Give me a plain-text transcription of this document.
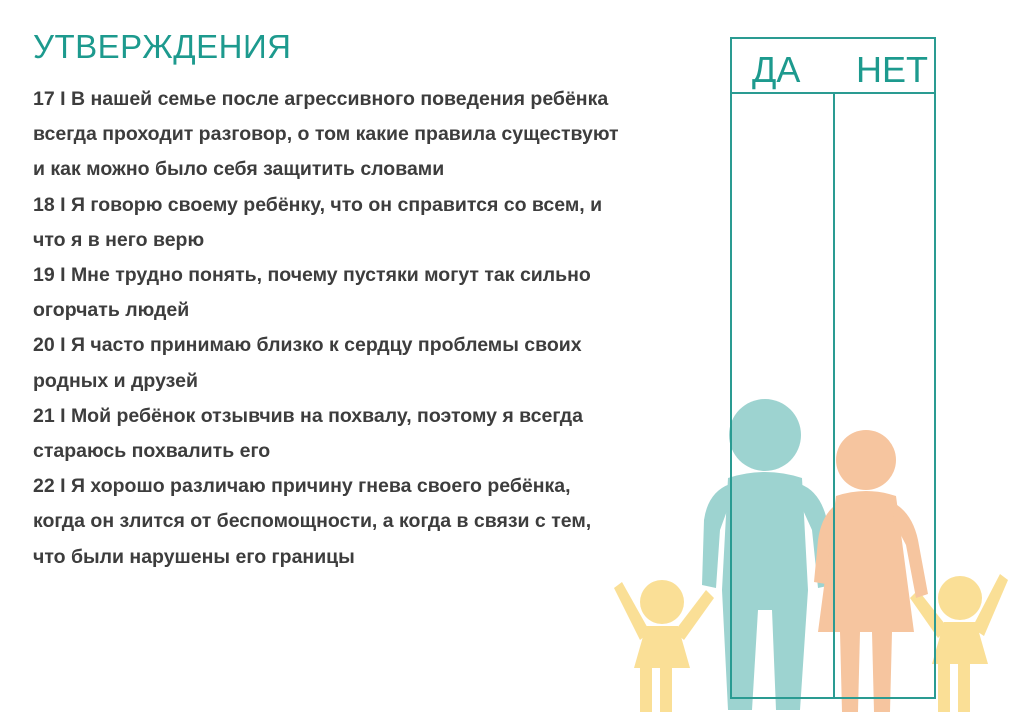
УТВЕРЖДЕНИЯ

17 I В нашей семье после агрессивного поведения ребёнка всегда проходит разговор, о том какие правила существуют и как можно было себя защитить словами

18 I Я говорю своему ребёнку, что он справится со всем, и что я в него верю

19 I Мне трудно понять, почему пустяки могут так сильно огорчать людей

20 I Я часто принимаю близко к сердцу проблемы своих родных и друзей

21 I Мой ребёнок отзывчив на похвалу, поэтому я всегда стараюсь похвалить его

22 I Я хорошо различаю причину гнева своего ребёнка, когда он злится от беспомощности, а когда в связи с тем, что были нарушены его границы

ДА НЕТ
